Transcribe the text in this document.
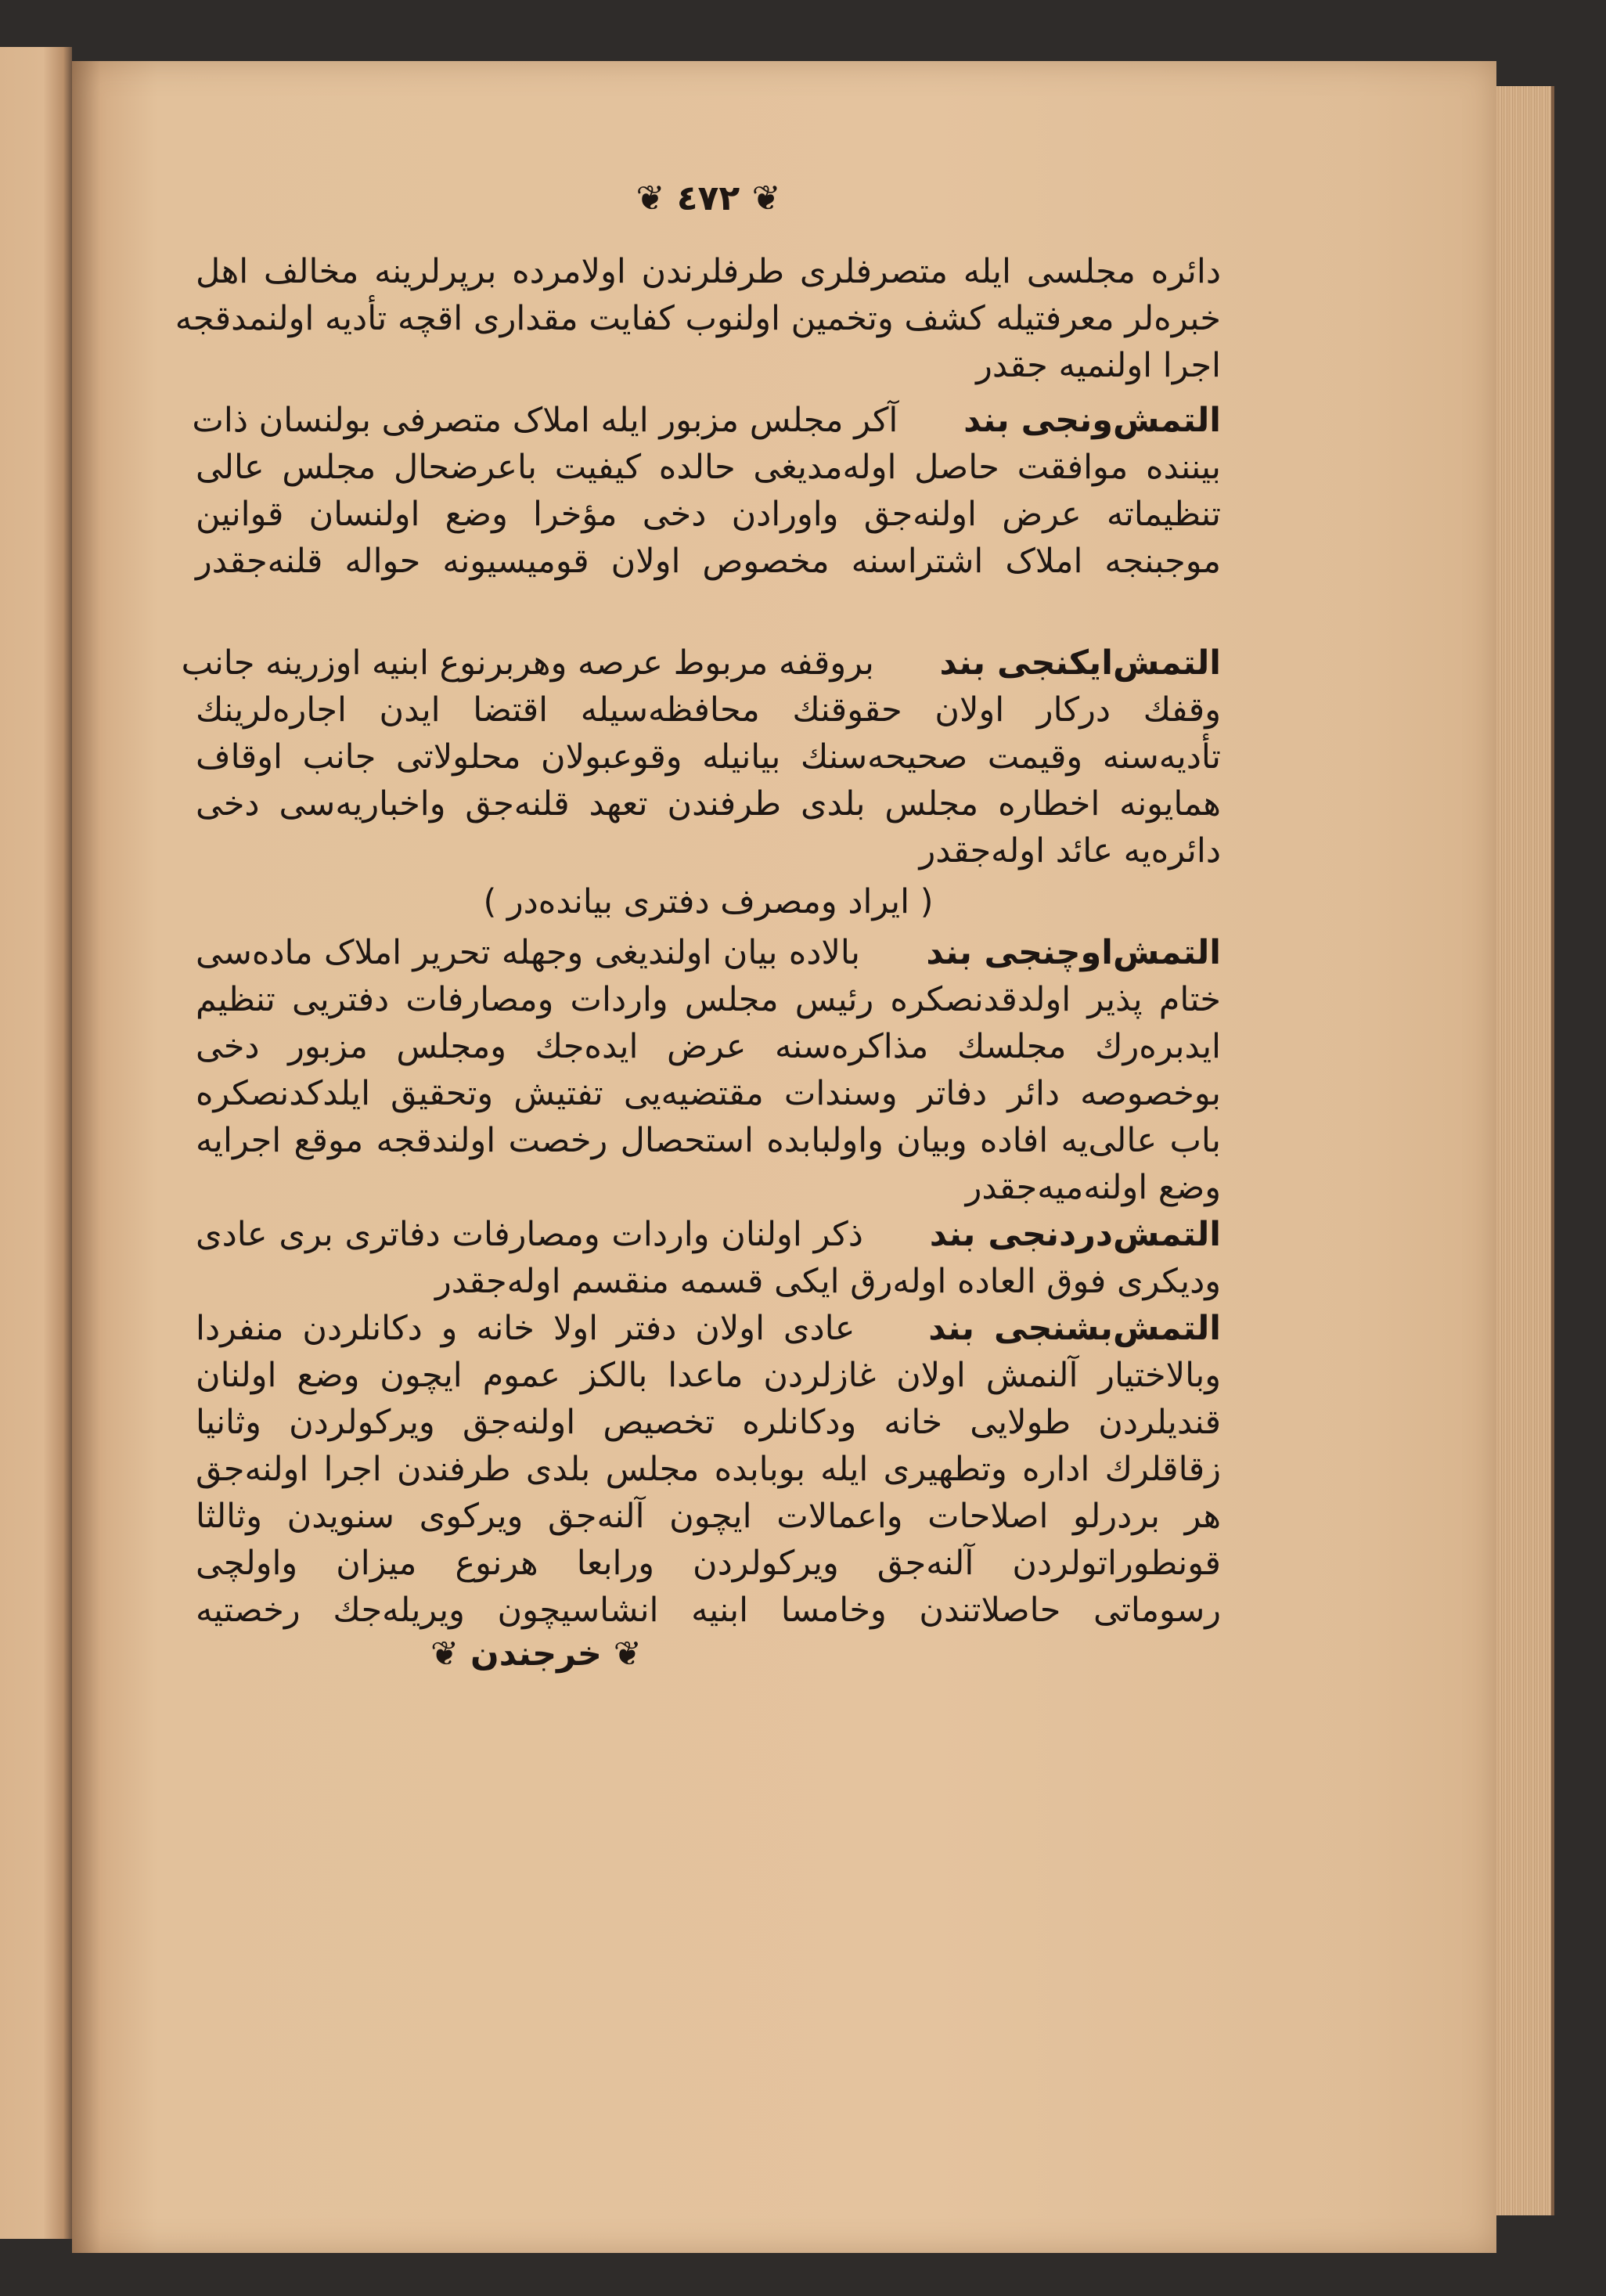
❦ ٤٧٢ ❦
دائره مجلسی ایله متصرفلری طرفلرندن اولامرده برپرلرینه مخالف اهل
خبره‌لر معرفتیله کشف وتخمین اولنوب کفایت مقداری اقچه تأدیه اولنمدقجه
اجرا اولنمیه جقدر
التمش‌ونجی بند آکر مجلس مزبور ایله املاک متصرفی بولنسان ذات
بیننده موافقت حاصل اوله‌مدیغی حالده کیفیت باعرضحال مجلس عالی
تنظیماته عرض اولنه‌جق واورادن دخی مؤخرا وضع اولنسان قوانین
موجبنجه املاک اشتراسنه مخصوص اولان قومیسیونه حواله قلنه‌جقدر
التمش‌ایکنجی بند بروقفه مربوط عرصه وهربرنوع ابنیه اوزرینه جانب
وقفك درکار اولان حقوقنك محافظه‌سیله اقتضا ایدن اجاره‌لرینك
تأدیه‌سنه وقیمت صحیحه‌سنك بیانیله وقوعبولان محلولاتی جانب اوقاف
همایونه اخطاره مجلس بلدی طرفندن تعهد قلنه‌جق واخباریه‌سی دخی
دائره‌یه عائد اوله‌جقدر
( ایراد ومصرف دفتری بیانده‌در )
التمش‌اوچنجی بند بالاده بیان اولندیغی وجهله تحریر املاک ماده‌سی
ختام پذیر اولدقدنصکره رئیس مجلس واردات ومصارفات دفتریی تنظیم
ایدبره‌رك مجلسك مذاکره‌سنه عرض ایده‌جك ومجلس مزبور دخی
بوخصوصه دائر دفاتر وسندات مقتضیه‌یی تفتیش وتحقیق ایلدکدنصکره
باب عالی‌یه افاده وبیان واولبابده استحصال رخصت اولندقجه موقع اجرایه
وضع اولنه‌میه‌جقدر
التمش‌دردنجی بند ذکر اولنان واردات ومصارفات دفاتری بری عادی
ودیکری فوق العاده اوله‌رق ایکی قسمه منقسم اوله‌جقدر
التمش‌بشنجی بند عادی اولان دفتر اولا خانه و دکانلردن منفردا
وبالاختیار آلنمش اولان غازلردن ماعدا بالکز عموم ایچون وضع اولنان
قندیلردن طولایی خانه ودکانلره تخصیص اولنه‌جق ویرکولردن وثانیا
زقاقلرك اداره وتطهیری ایله بوبابده مجلس بلدی طرفندن اجرا اولنه‌جق
هر بردرلو اصلاحات واعمالات ایچون آلنه‌جق ویرکوی سنویدن وثالثا
قونطوراتولردن آلنه‌جق ویرکولردن ورابعا هرنوع میزان واولچی
رسوماتی حاصلاتندن وخامسا ابنیه انشاسیچون ویریله‌جك رخصتیه
❦ خرجندن ❦
